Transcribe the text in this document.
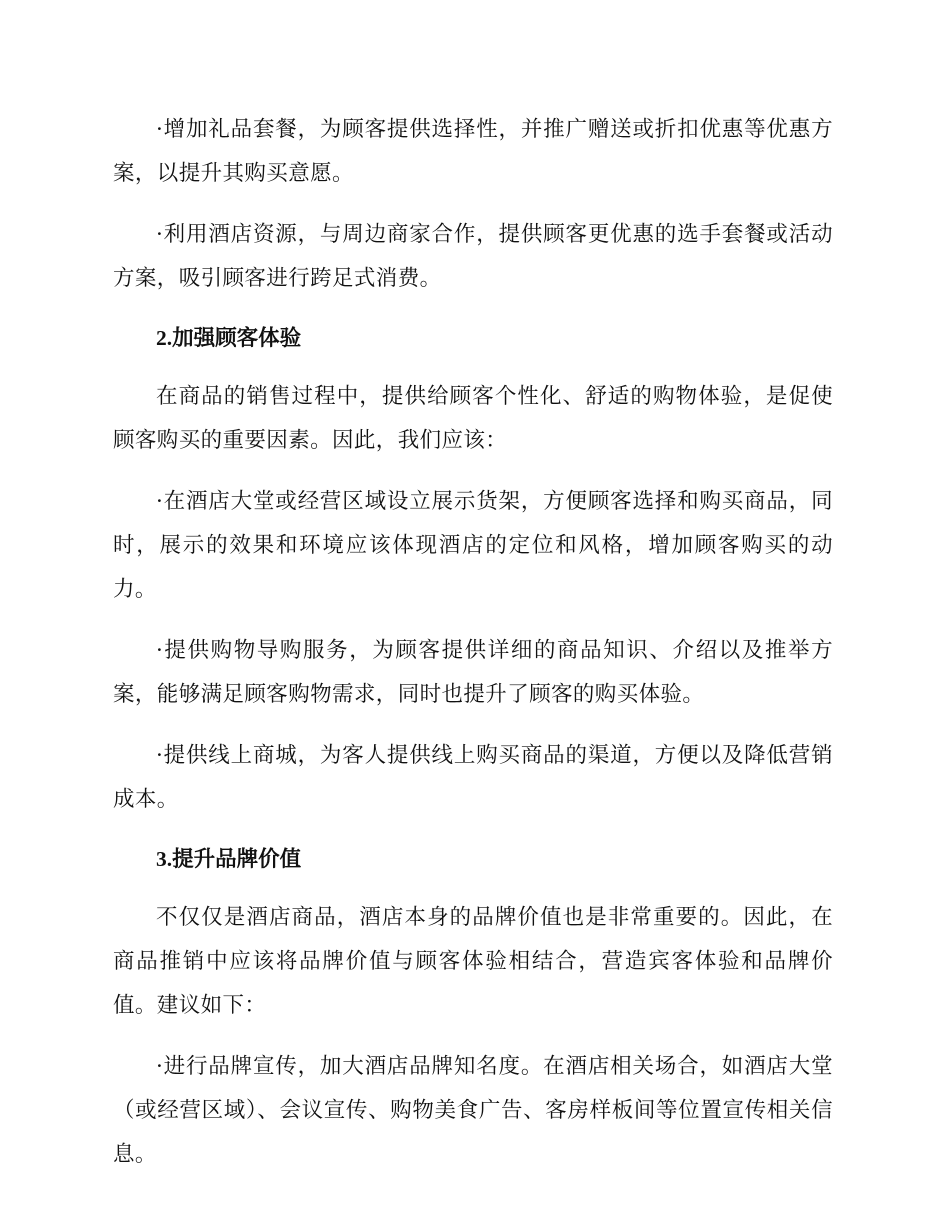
·增加礼品套餐，为顾客提供选择性，并推广赠送或折扣优惠等优惠方案，以提升其购买意愿。

·利用酒店资源，与周边商家合作，提供顾客更优惠的选手套餐或活动方案，吸引顾客进行跨足式消费。

2.加强顾客体验

在商品的销售过程中，提供给顾客个性化、舒适的购物体验，是促使顾客购买的重要因素。因此，我们应该：

·在酒店大堂或经营区域设立展示货架，方便顾客选择和购买商品，同时，展示的效果和环境应该体现酒店的定位和风格，增加顾客购买的动力。

·提供购物导购服务，为顾客提供详细的商品知识、介绍以及推举方案，能够满足顾客购物需求，同时也提升了顾客的购买体验。

·提供线上商城，为客人提供线上购买商品的渠道，方便以及降低营销成本。

3.提升品牌价值

不仅仅是酒店商品，酒店本身的品牌价值也是非常重要的。因此，在商品推销中应该将品牌价值与顾客体验相结合，营造宾客体验和品牌价值。建议如下：

·进行品牌宣传，加大酒店品牌知名度。在酒店相关场合，如酒店大堂（或经营区域）、会议宣传、购物美食广告、客房样板间等位置宣传相关信息。
